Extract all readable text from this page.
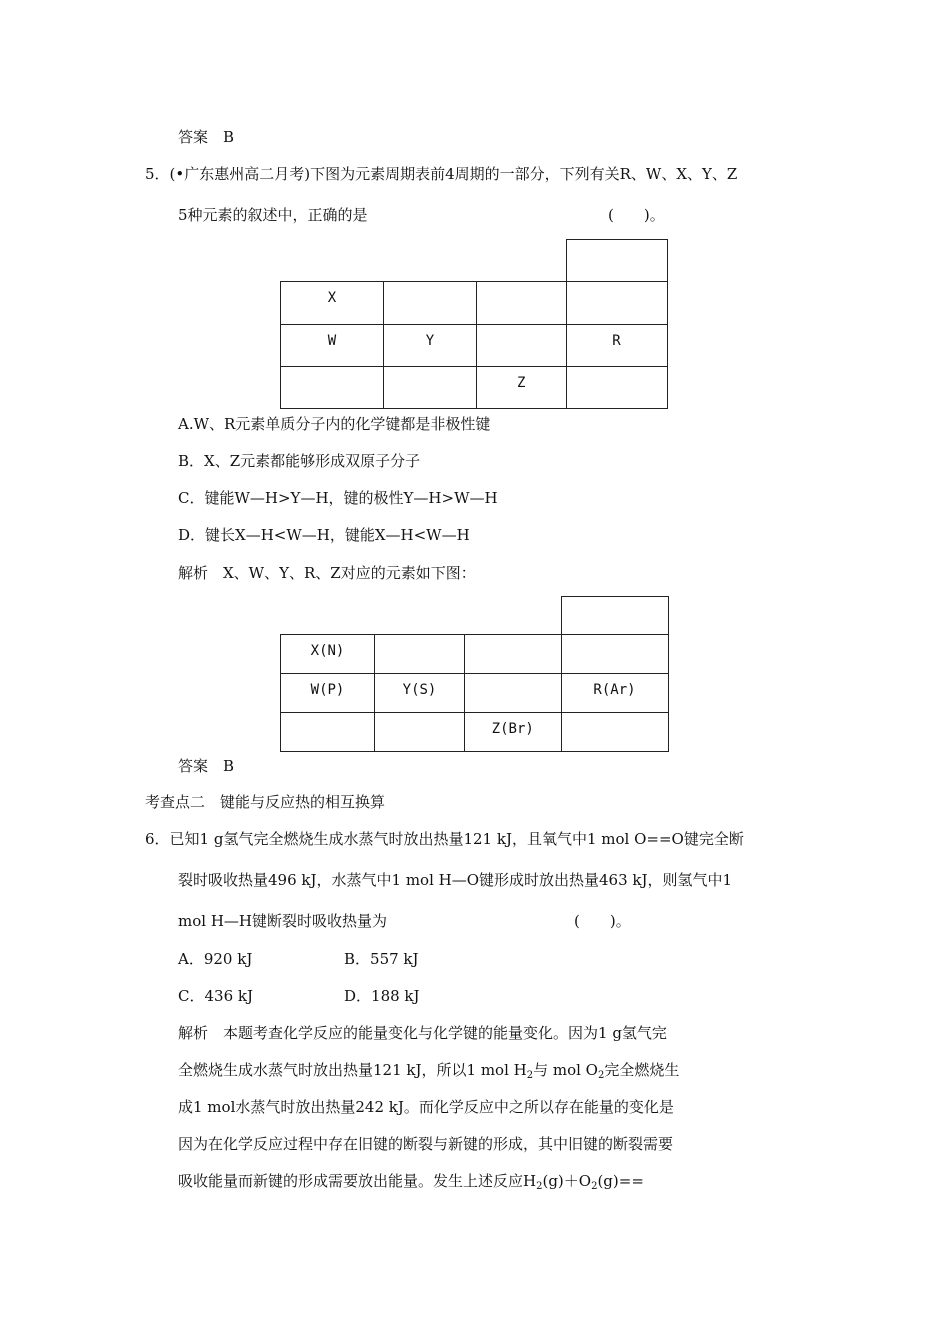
答案　B
5．(•广东惠州高二月考)下图为元素周期表前4周期的一部分，下列有关R、W、X、Y、Z
5种元素的叙述中，正确的是	(　　)。

X			
W	Y		R
		Z	
A.W、R元素单质分子内的化学键都是非极性键
B．X、Z元素都能够形成双原子分子
C．键能W—H>Y—H，键的极性Y—H>W—H
D．键长X—H<W—H，键能X—H<W—H
解析　X、W、Y、R、Z对应的元素如下图：

X(N)			
W(P)	Y(S)		R(Ar)
		Z(Br)	
答案　B
考查点二　键能与反应热的相互换算
6．已知1 g氢气完全燃烧生成水蒸气时放出热量121 kJ，且氧气中1 mol O==O键完全断
裂时吸收热量496 kJ，水蒸气中1 mol H—O键形成时放出热量463 kJ，则氢气中1
mol H—H键断裂时吸收热量为	(　　)。
A．920 kJ	B．557 kJ
C．436 kJ	D．188 kJ
解析　本题考查化学反应的能量变化与化学键的能量变化。因为1 g氢气完
全燃烧生成水蒸气时放出热量121 kJ，所以1 mol $H_2$与 mol $O_2$完全燃烧生
成1 mol水蒸气时放出热量242 kJ。而化学反应中之所以存在能量的变化是
因为在化学反应过程中存在旧键的断裂与新键的形成，其中旧键的断裂需要
吸收能量而新键的形成需要放出能量。发生上述反应$H_2(g)+O_2(g)==$
